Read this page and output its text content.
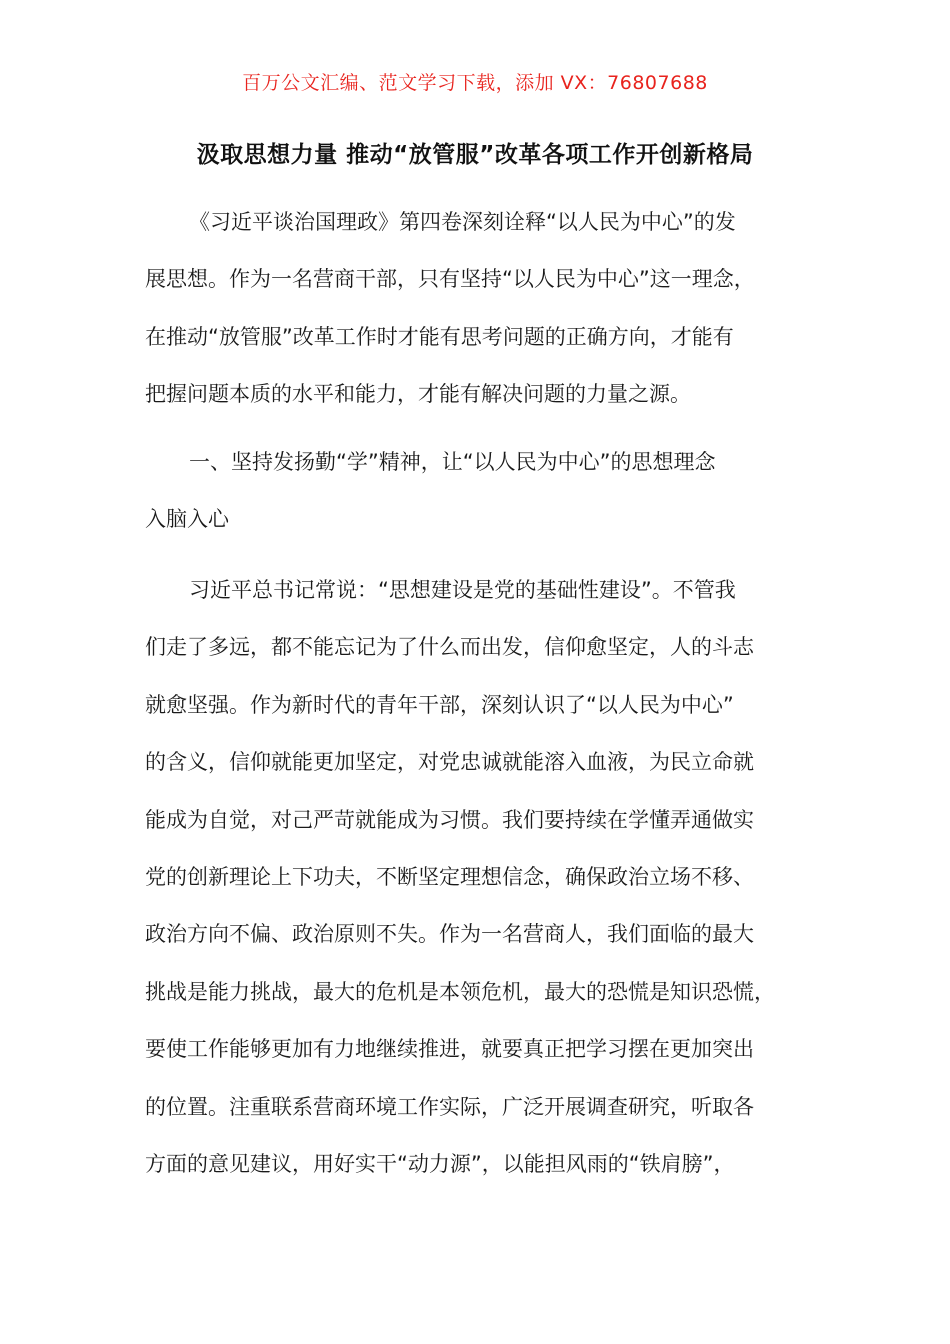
百万公文汇编、范文学习下载，添加 VX：76807688
汲取思想力量 推动“放管服”改革各项工作开创新格局
《习近平谈治国理政》第四卷深刻诠释“以人民为中心”的发
展思想。作为一名营商干部，只有坚持“以人民为中心”这一理念，
在推动“放管服”改革工作时才能有思考问题的正确方向，才能有
把握问题本质的水平和能力，才能有解决问题的力量之源。
一、坚持发扬勤“学”精神，让“以人民为中心”的思想理念
入脑入心
习近平总书记常说：“思想建设是党的基础性建设”。不管我
们走了多远，都不能忘记为了什么而出发，信仰愈坚定，人的斗志
就愈坚强。作为新时代的青年干部，深刻认识了“以人民为中心”
的含义，信仰就能更加坚定，对党忠诚就能溶入血液，为民立命就
能成为自觉，对己严苛就能成为习惯。我们要持续在学懂弄通做实
党的创新理论上下功夫，不断坚定理想信念，确保政治立场不移、
政治方向不偏、政治原则不失。作为一名营商人，我们面临的最大
挑战是能力挑战，最大的危机是本领危机，最大的恐慌是知识恐慌，
要使工作能够更加有力地继续推进，就要真正把学习摆在更加突出
的位置。注重联系营商环境工作实际，广泛开展调查研究，听取各
方面的意见建议，用好实干“动力源”，以能担风雨的“铁肩膀”，
